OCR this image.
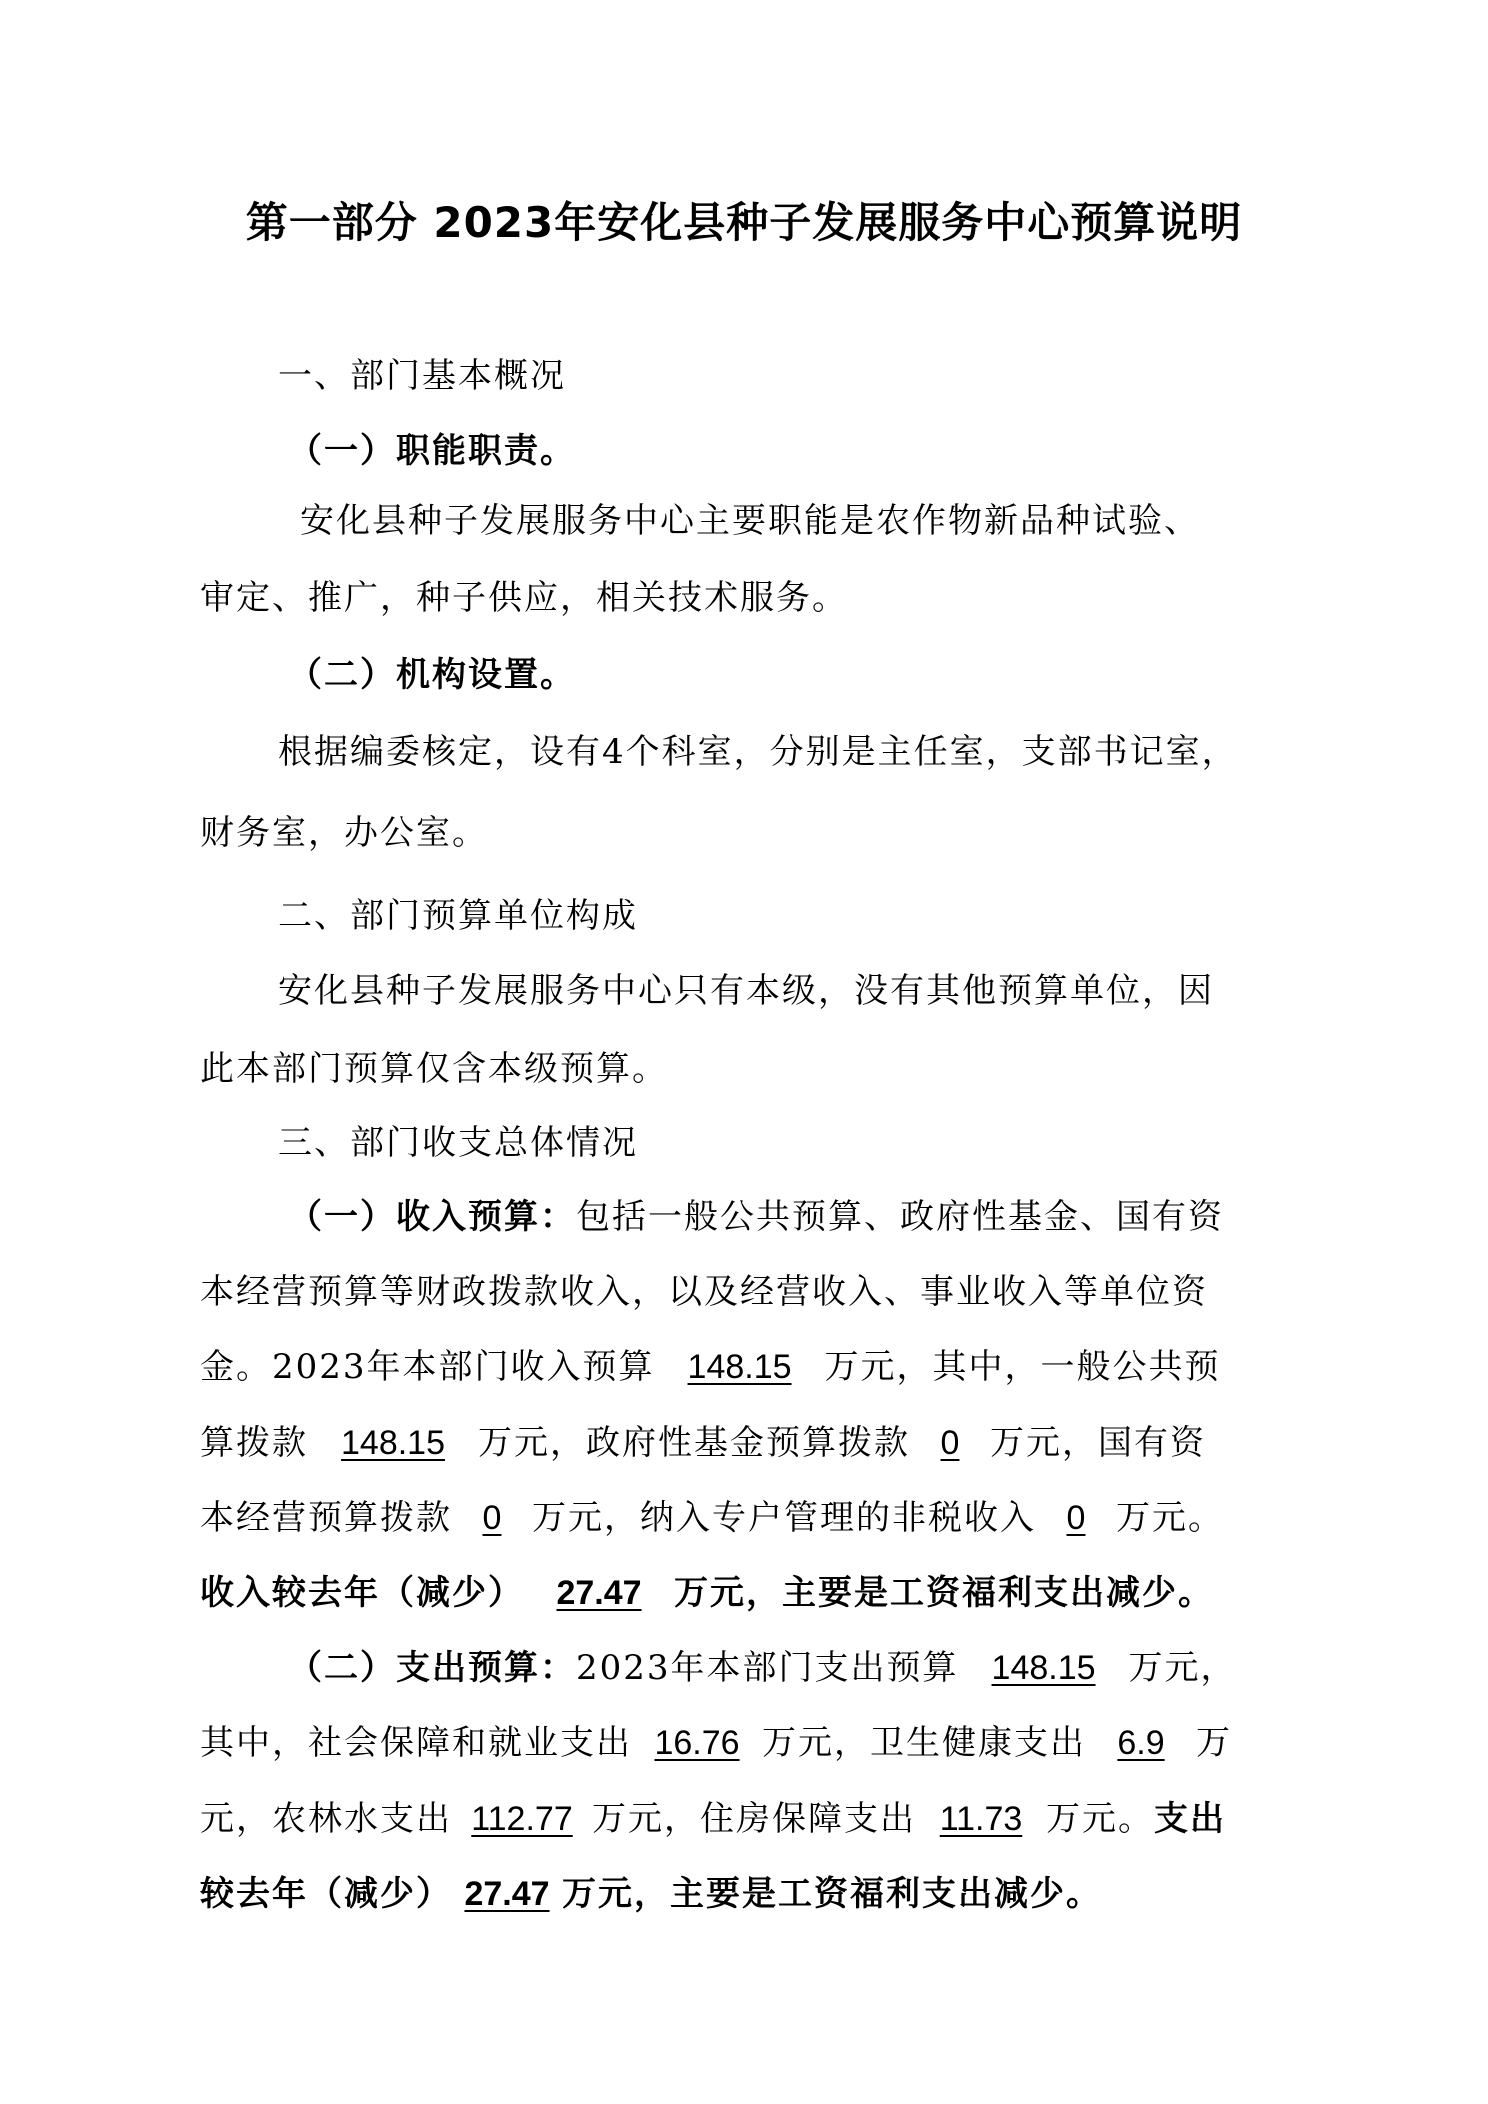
第一部分 2023年安化县种子发展服务中心预算说明
一、部门基本概况
（一）职能职责。
安化县种子发展服务中心主要职能是农作物新品种试验、
审定、推广，种子供应，相关技术服务。
（二）机构设置。
根据编委核定，设有4个科室，分别是主任室，支部书记室，
财务室，办公室。
二、部门预算单位构成
安化县种子发展服务中心只有本级，没有其他预算单位，因
此本部门预算仅含本级预算。
三、部门收支总体情况
（一）收入预算：包括一般公共预算、政府性基金、国有资
本经营预算等财政拨款收入，以及经营收入、事业收入等单位资
金。2023年本部门收入预算 148.15 万元，其中，一般公共预
算拨款 148.15 万元，政府性基金预算拨款 0 万元，国有资
本经营预算拨款 0 万元，纳入专户管理的非税收入 0 万元。
收入较去年（减少） 27.47 万元，主要是工资福利支出减少。
（二）支出预算：2023年本部门支出预算 148.15 万元，
其中，社会保障和就业支出 16.76 万元，卫生健康支出 6.9 万
元，农林水支出 112.77 万元，住房保障支出 11.73 万元。支出
较去年（减少） 27.47 万元，主要是工资福利支出减少。
